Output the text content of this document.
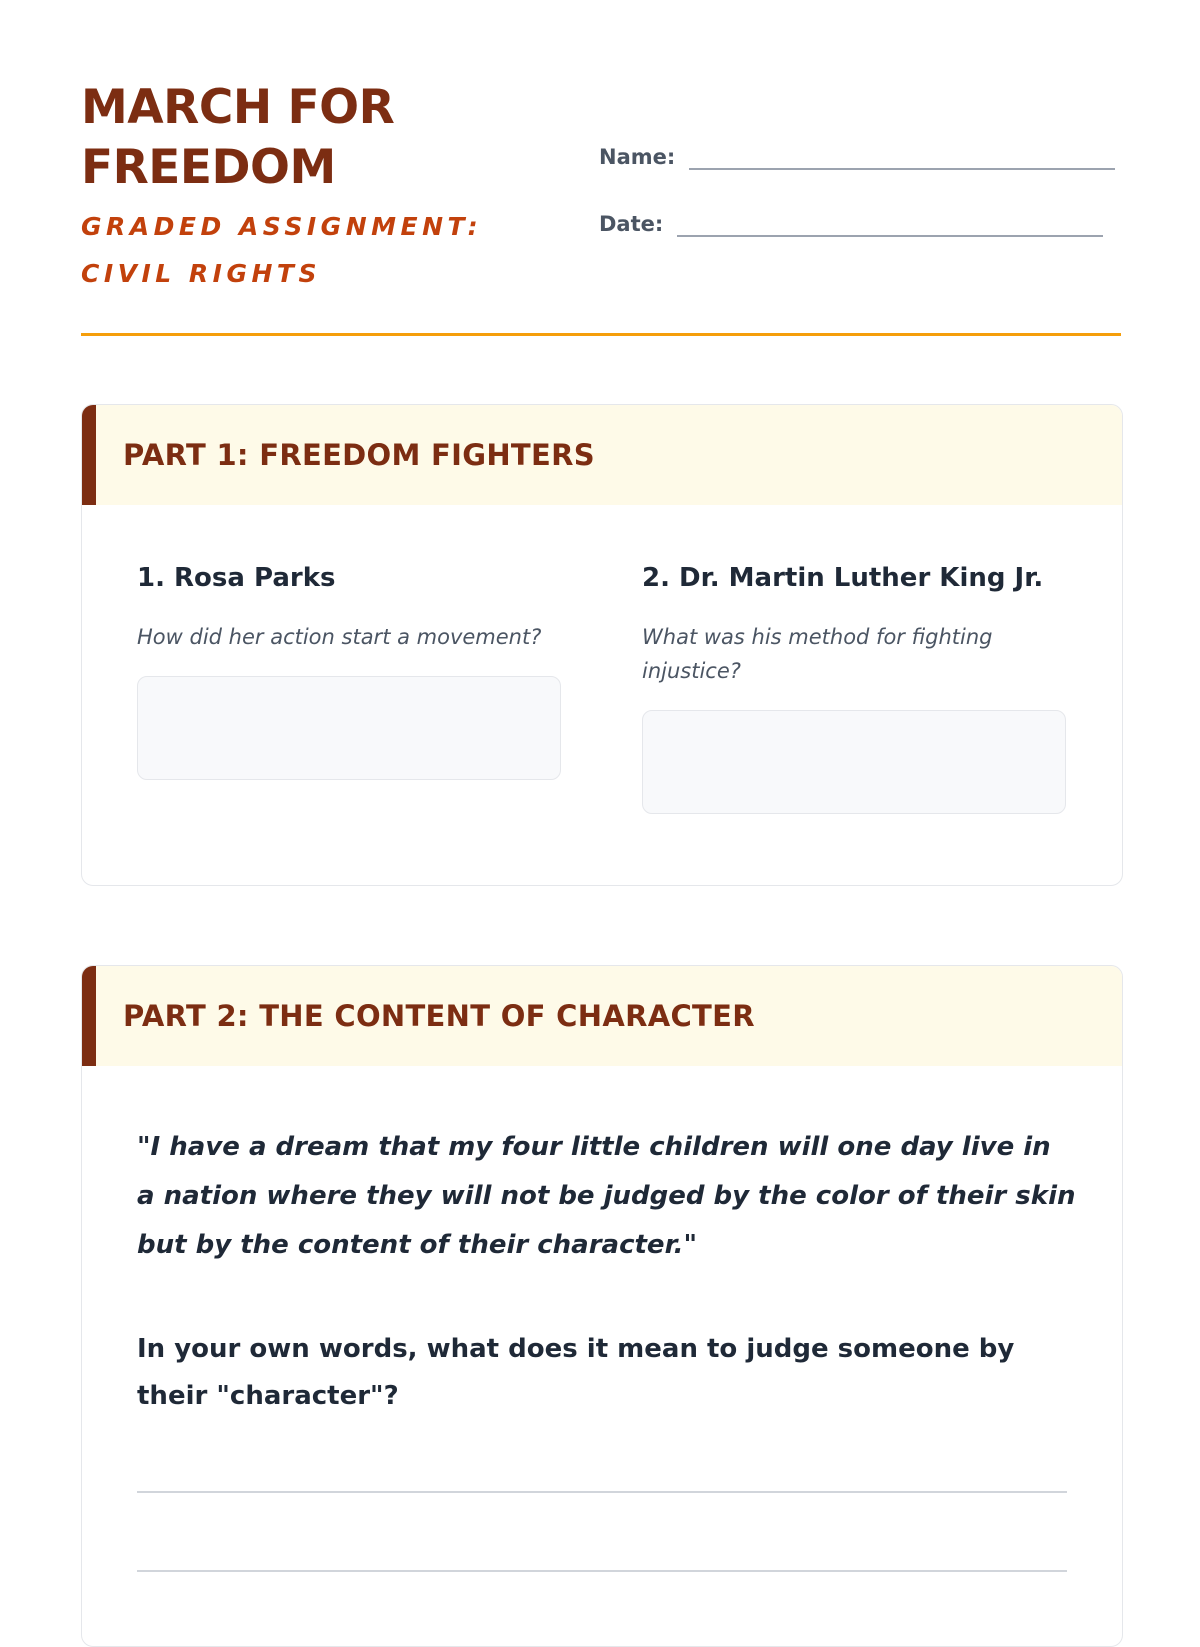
MARCH FOR FREEDOM
GRADED ASSIGNMENT: CIVIL RIGHTS
Name:
Date:
PART 1: FREEDOM FIGHTERS
1. Rosa Parks

How did her action start a movement?

2. Dr. Martin Luther King Jr.

What was his method for fighting injustice?

PART 2: THE CONTENT OF CHARACTER

"I have a dream that my four little children will one day live in a nation where they will not be judged by the color of their skin but by the content of their character."

In your own words, what does it mean to judge someone by their "character"?
